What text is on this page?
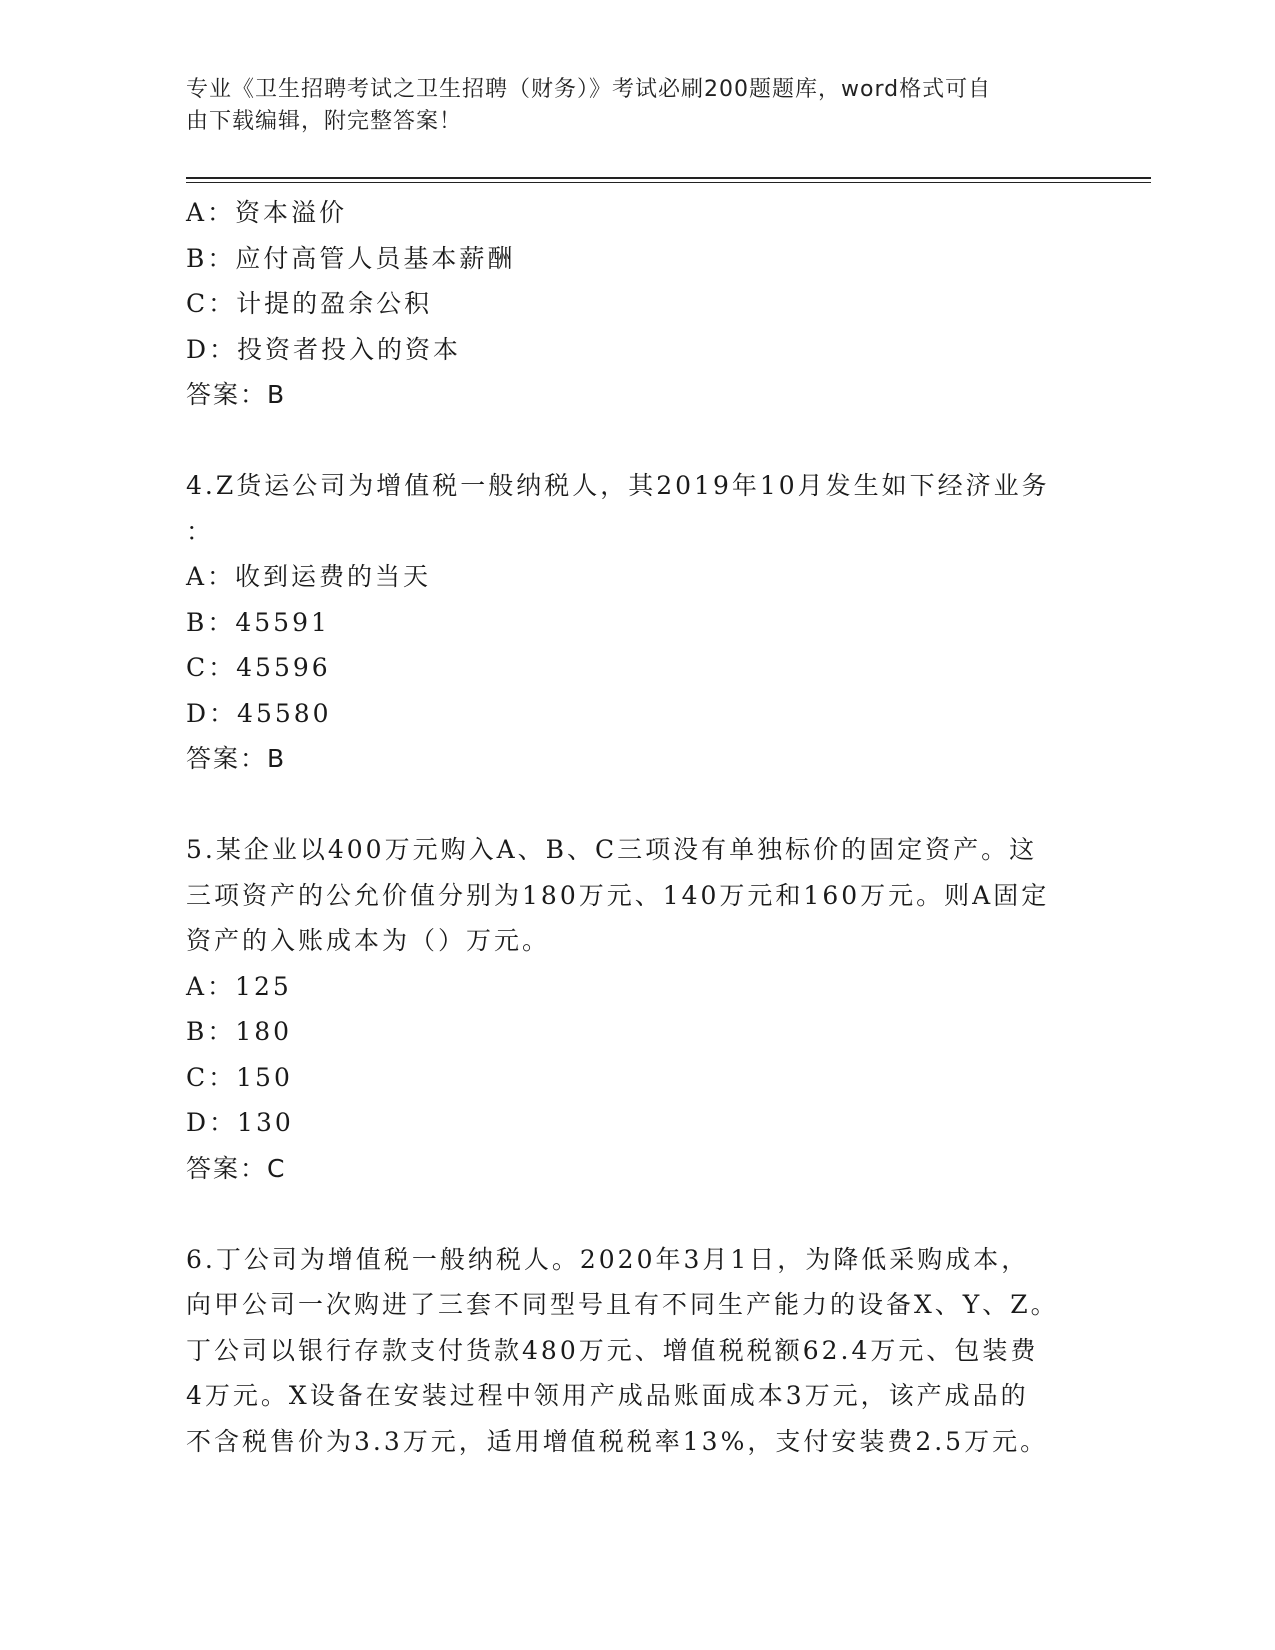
专业《卫生招聘考试之卫生招聘（财务）》考试必刷200题题库，word格式可自
由下载编辑，附完整答案！
A：资本溢价
B：应付高管人员基本薪酬
C：计提的盈余公积
D：投资者投入的资本
答案：B
4.Z货运公司为增值税一般纳税人，其2019年10月发生如下经济业务
：
A：收到运费的当天
B：45591
C：45596
D：45580
答案：B
5.某企业以400万元购入A、B、C三项没有单独标价的固定资产。这
三项资产的公允价值分别为180万元、140万元和160万元。则A固定
资产的入账成本为（）万元。
A：125
B：180
C：150
D：130
答案：C
6.丁公司为增值税一般纳税人。2020年3月1日，为降低采购成本，
向甲公司一次购进了三套不同型号且有不同生产能力的设备X、Y、Z。
丁公司以银行存款支付货款480万元、增值税税额62.4万元、包装费
4万元。X设备在安装过程中领用产成品账面成本3万元，该产成品的
不含税售价为3.3万元，适用增值税税率13%，支付安装费2.5万元。
